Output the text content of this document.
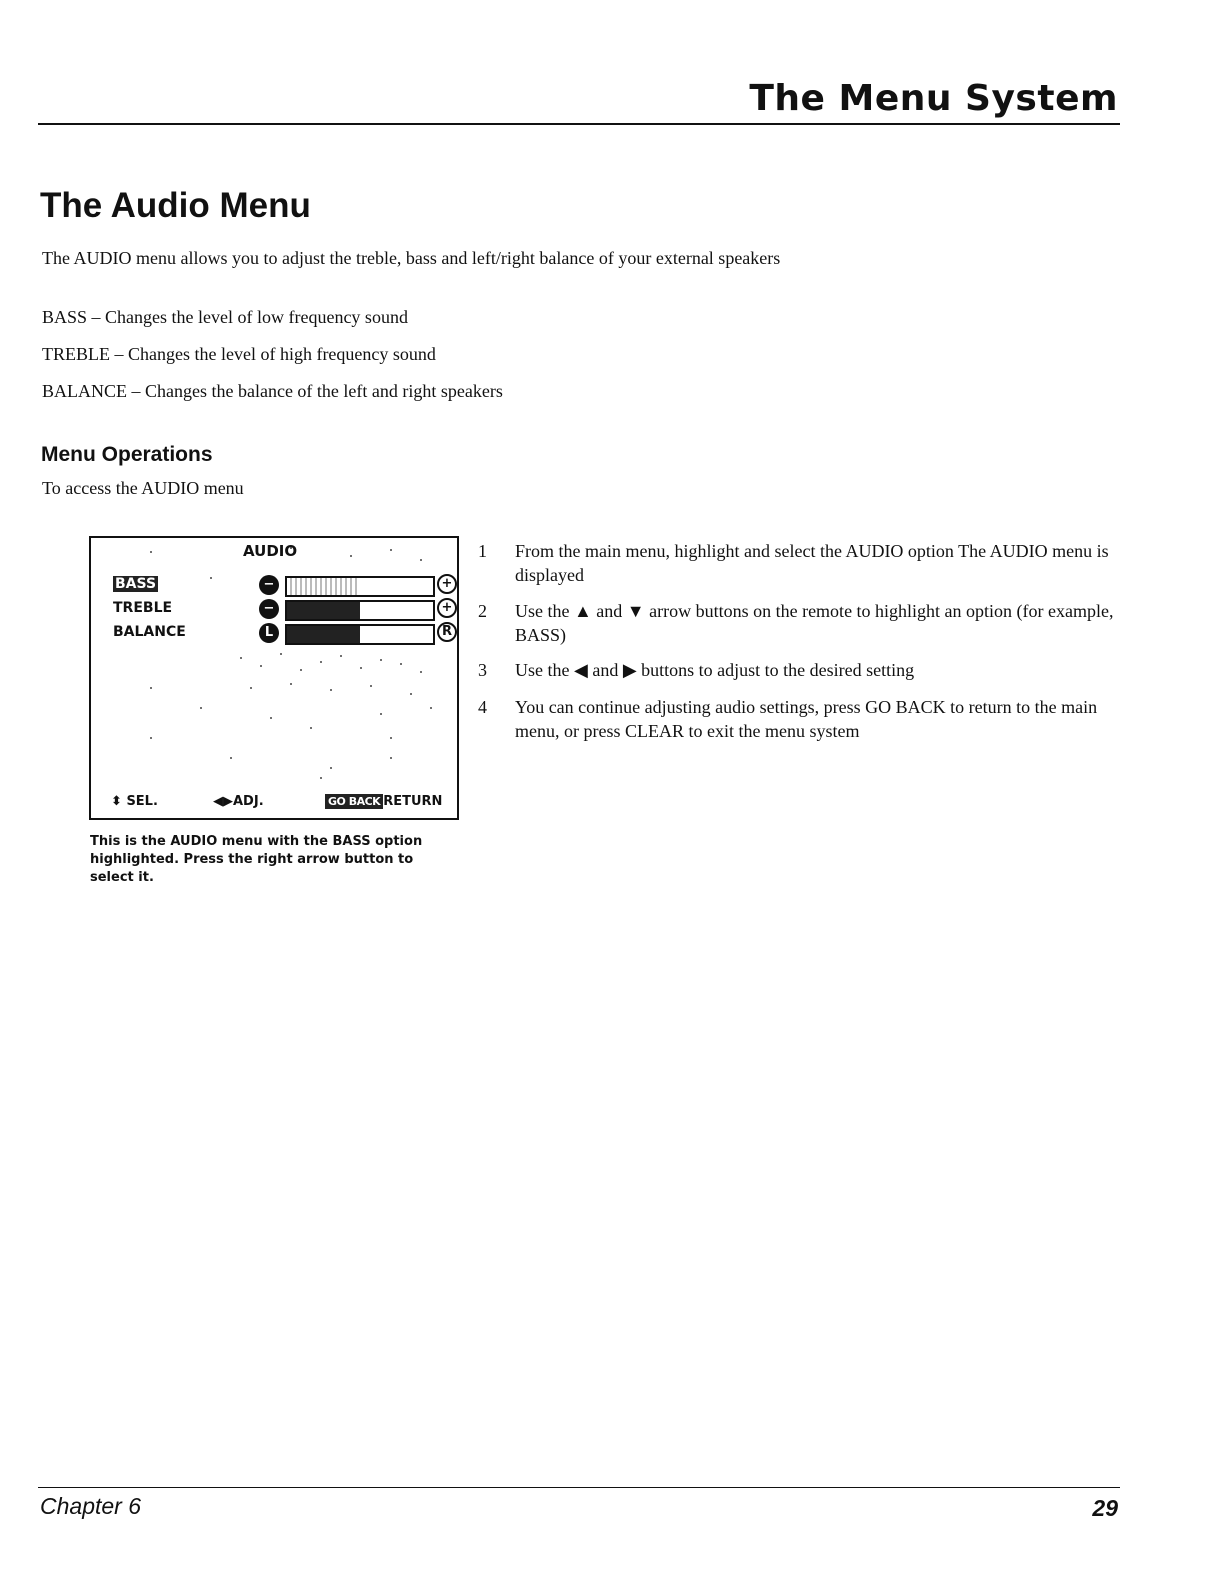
The Menu System
The Audio Menu
The AUDIO menu allows you to adjust the treble, bass and left/right balance of your external speakers
BASS – Changes the level of low frequency sound
TREBLE – Changes the level of high frequency sound
BALANCE – Changes the balance of the left and right speakers
Menu Operations
To access the AUDIO menu
AUDIO
BASS	−	+
TREBLE	−	+
BALANCE	L	R
⬍ SEL.	◀▶ADJ.	GO BACK RETURN
This is the AUDIO menu with the BASS option highlighted. Press the right arrow button to select it.
1	From the main menu, highlight and select the AUDIO option The AUDIO menu is displayed
2	Use the ▲ and ▼ arrow buttons on the remote to highlight an option (for example, BASS)
3	Use the ◀ and ▶ buttons to adjust to the desired setting
4	You can continue adjusting audio settings, press GO BACK to return to the main menu, or press CLEAR to exit the menu system
Chapter 6	29
